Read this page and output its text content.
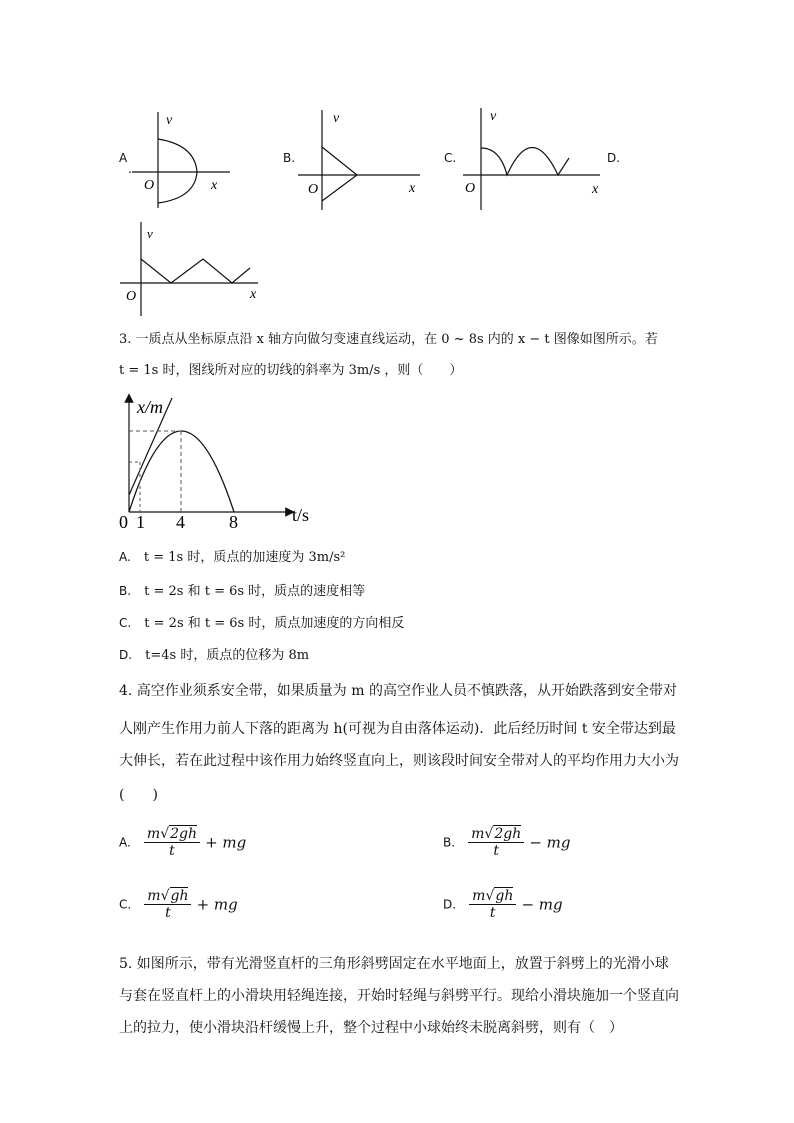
A
.
v
O	x
B.
v
O	x
C.
v
O	x
D.
v
O	x
3. 一质点从坐标原点沿 x 轴方向做匀变速直线运动，在 0 ~ 8s 内的 x − t 图像如图所示。若
t = 1s 时，图线所对应的切线的斜率为 3m/s ，则（　　）
x/m
t/s
0 1 4 8
A. t = 1s 时，质点的加速度为 3m/s²
B. t = 2s 和 t = 6s 时，质点的速度相等
C. t = 2s 和 t = 6s 时，质点加速度的方向相反
D. t=4s 时，质点的位移为 8m
4. 高空作业须系安全带，如果质量为 m 的高空作业人员不慎跌落，从开始跌落到安全带对
人刚产生作用力前人下落的距离为 h(可视为自由落体运动)．此后经历时间 t 安全带达到最
大伸长，若在此过程中该作用力始终竖直向上，则该段时间安全带对人的平均作用力大小为
(　　)
A. $\frac{m√2gh}{t}$ + mg	B. $\frac{m√2gh}{t}$ − mg
C. $\frac{m√gh}{t}$ + mg	D. $\frac{m√gh}{t}$ − mg
5. 如图所示，带有光滑竖直杆的三角形斜劈固定在水平地面上，放置于斜劈上的光滑小球
与套在竖直杆上的小滑块用轻绳连接，开始时轻绳与斜劈平行。现给小滑块施加一个竖直向
上的拉力，使小滑块沿杆缓慢上升，整个过程中小球始终未脱离斜劈，则有（　）
